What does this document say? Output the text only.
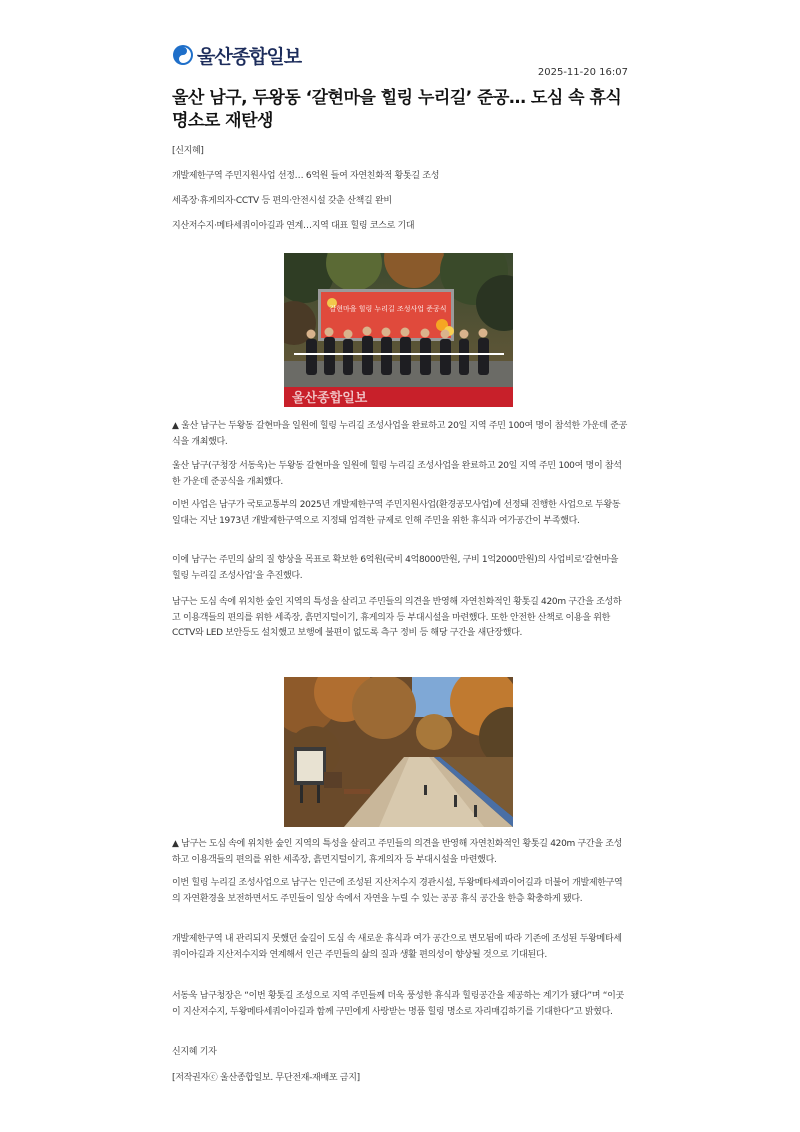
울산종합일보
2025-11-20 16:07
울산 남구, 두왕동 ‘갈현마을 힐링 누리길’ 준공… 도심 속 휴식 명소로 재탄생

[신지혜]

개발제한구역 주민지원사업 선정… 6억원 들여 자연친화적 황톳길 조성

세족장·휴게의자·CCTV 등 편의·안전시설 갖춘 산책길 완비

지산저수지·메타세쿼이아길과 연계…지역 대표 힐링 코스로 기대

갈현마을 힐링 누리길 조성사업 준공식
울산종합일보

▲ 울산 남구는 두왕동 갈현마을 일원에 힐링 누리길 조성사업을 완료하고 20일 지역 주민 100여 명이 참석한 가운데 준공식을 개최했다.

울산 남구(구청장 서동욱)는 두왕동 갈현마을 일원에 힐링 누리길 조성사업을 완료하고 20일 지역 주민 100여 명이 참석한 가운데 준공식을 개최했다.

이번 사업은 남구가 국토교통부의 2025년 개발제한구역 주민지원사업(환경공모사업)에 선정돼 진행한 사업으로 두왕동 일대는 지난 1973년 개발제한구역으로 지정돼 엄격한 규제로 인해 주민을 위한 휴식과 여가공간이 부족했다.

이에 남구는 주민의 삶의 질 향상을 목표로 확보한 6억원(국비 4억8000만원, 구비 1억2000만원)의 사업비로‘갈현마을 힐링 누리길 조성사업’을 추진했다.

남구는 도심 속에 위치한 숲인 지역의 특성을 살리고 주민들의 의견을 반영해 자연친화적인 황톳길 420m 구간을 조성하고 이용객들의 편의를 위한 세족장, 흙먼지털이기, 휴게의자 등 부대시설을 마련했다. 또한 안전한 산책로 이용을 위한 CCTV와 LED 보안등도 설치했고 보행에 불편이 없도록 측구 정비 등 해당 구간을 새단장했다.

▲ 남구는 도심 속에 위치한 숲인 지역의 특성을 살리고 주민들의 의견을 반영해 자연친화적인 황톳길 420m 구간을 조성하고 이용객들의 편의를 위한 세족장, 흙먼지털이기, 휴게의자 등 부대시설을 마련했다.

이번 힐링 누리길 조성사업으로 남구는 인근에 조성된 지산저수지 경관시설, 두왕메타세콰이어길과 더불어 개발제한구역의 자연환경을 보전하면서도 주민들이 일상 속에서 자연을 누릴 수 있는 공공 휴식 공간을 한층 확충하게 됐다.

개발제한구역 내 관리되지 못했던 숲길이 도심 속 새로운 휴식과 여가 공간으로 변모됨에 따라 기존에 조성된 두왕메타세쿼이아길과 지산저수지와 연계해서 인근 주민들의 삶의 질과 생활 편의성이 향상될 것으로 기대된다.

서동욱 남구청장은 “이번 황톳길 조성으로 지역 주민들께 더욱 풍성한 휴식과 힐링공간을 제공하는 계기가 됐다”며 “이곳이 지산저수지, 두왕메타세쿼이아길과 함께 구민에게 사랑받는 명품 힐링 명소로 자리매김하기를 기대한다”고 밝혔다.

신지혜 기자

[저작권자ⓒ 울산종합일보. 무단전재-재배포 금지]
